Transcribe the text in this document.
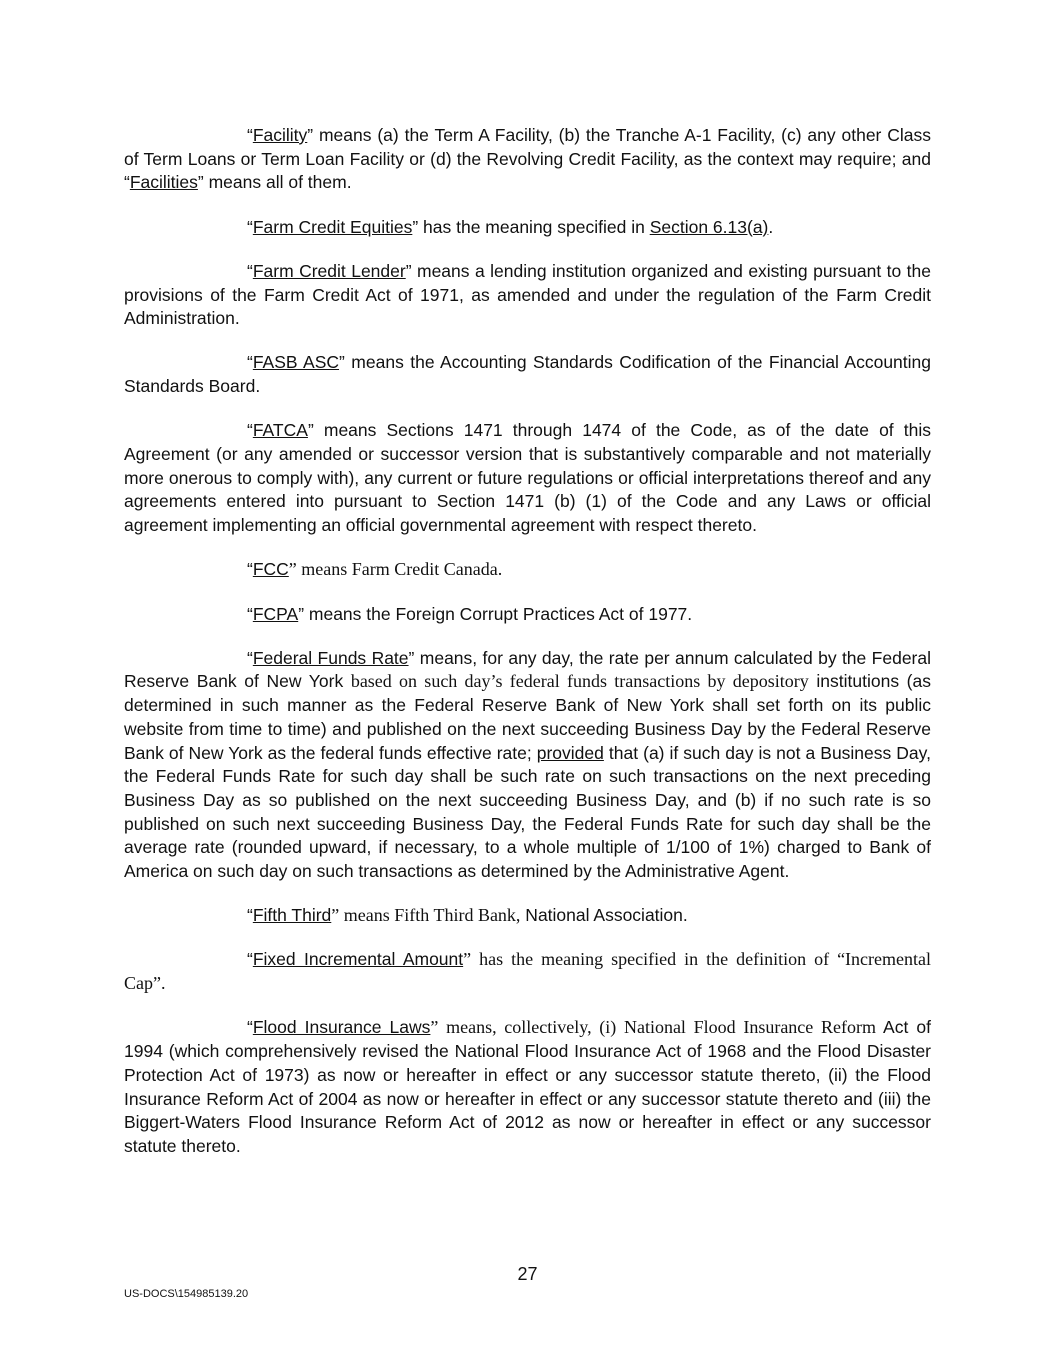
“Facility” means (a) the Term A Facility, (b) the Tranche A-1 Facility, (c) any other Class of Term Loans or Term Loan Facility or (d) the Revolving Credit Facility, as the context may require; and “Facilities” means all of them.

“Farm Credit Equities” has the meaning specified in Section 6.13(a).

“Farm Credit Lender” means a lending institution organized and existing pursuant to the provisions of the Farm Credit Act of 1971, as amended and under the regulation of the Farm Credit Administration.

“FASB ASC” means the Accounting Standards Codification of the Financial Accounting Standards Board.

“FATCA” means Sections 1471 through 1474 of the Code, as of the date of this Agreement (or any amended or successor version that is substantively comparable and not materially more onerous to comply with), any current or future regulations or official interpretations thereof and any agreements entered into pursuant to Section 1471 (b) (1) of the Code and any Laws or official agreement implementing an official governmental agreement with respect thereto.

“FCC” means Farm Credit Canada.

“FCPA” means the Foreign Corrupt Practices Act of 1977.

“Federal Funds Rate” means, for any day, the rate per annum calculated by the Federal Reserve Bank of New York based on such day’s federal funds transactions by depository institutions (as determined in such manner as the Federal Reserve Bank of New York shall set forth on its public website from time to time) and published on the next succeeding Business Day by the Federal Reserve Bank of New York as the federal funds effective rate; provided that (a) if such day is not a Business Day, the Federal Funds Rate for such day shall be such rate on such transactions on the next preceding Business Day as so published on the next succeeding Business Day, and (b) if no such rate is so published on such next succeeding Business Day, the Federal Funds Rate for such day shall be the average rate (rounded upward, if necessary, to a whole multiple of 1/100 of 1%) charged to Bank of America on such day on such transactions as determined by the Administrative Agent.

“Fifth Third” means Fifth Third Bank, National Association.

“Fixed Incremental Amount” has the meaning specified in the definition of “Incremental Cap”.

“Flood Insurance Laws” means, collectively, (i) National Flood Insurance Reform Act of 1994 (which comprehensively revised the National Flood Insurance Act of 1968 and the Flood Disaster Protection Act of 1973) as now or hereafter in effect or any successor statute thereto, (ii) the Flood Insurance Reform Act of 2004 as now or hereafter in effect or any successor statute thereto and (iii) the Biggert-Waters Flood Insurance Reform Act of 2012 as now or hereafter in effect or any successor statute thereto.

27
US-DOCS\154985139.20
